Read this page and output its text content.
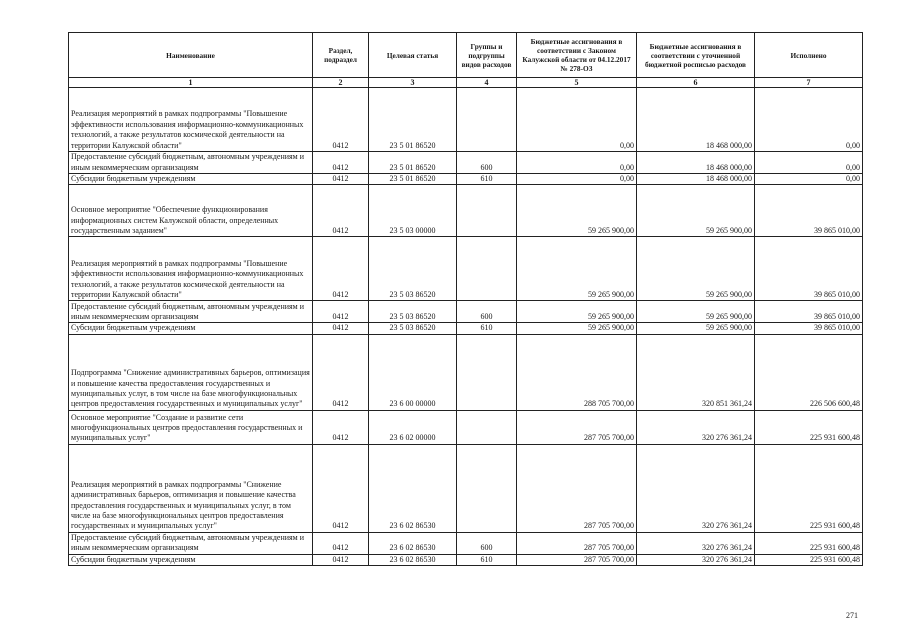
Наименование	Раздел, подраздел	Целевая статья	Группы и подгруппы видов расходов	Бюджетные ассигнования в соответствии с Законом Калужской области от 04.12.2017 № 278-ОЗ	Бюджетные ассигнования в соответствии с уточненной бюджетной росписью расходов	Исполнено
1	2	3	4	5	6	7
Реализация мероприятий в рамках подпрограммы "Повышение эффективности использования информационно-коммуникационных технологий, а также результатов космической деятельности на территории Калужской области"	0412	23 5 01 86520		0,00	18 468 000,00	0,00
Предоставление субсидий бюджетным, автономным учреждениям и иным некоммерческим организациям	0412	23 5 01 86520	600	0,00	18 468 000,00	0,00
Субсидии бюджетным учреждениям	0412	23 5 01 86520	610	0,00	18 468 000,00	0,00
Основное мероприятие "Обеспечение функционирования информационных систем Калужской области, определенных государственным заданием"	0412	23 5 03 00000		59 265 900,00	59 265 900,00	39 865 010,00
Реализация мероприятий в рамках подпрограммы "Повышение эффективности использования информационно-коммуникационных технологий, а также результатов космической деятельности на территории Калужской области"	0412	23 5 03 86520		59 265 900,00	59 265 900,00	39 865 010,00
Предоставление субсидий бюджетным, автономным учреждениям и иным некоммерческим организациям	0412	23 5 03 86520	600	59 265 900,00	59 265 900,00	39 865 010,00
Субсидии бюджетным учреждениям	0412	23 5 03 86520	610	59 265 900,00	59 265 900,00	39 865 010,00
Подпрограмма "Снижение административных барьеров, оптимизация и повышение качества предоставления государственных и муниципальных услуг, в том числе на базе многофункциональных центров предоставления государственных и муниципальных услуг"	0412	23 6 00 00000		288 705 700,00	320 851 361,24	226 506 600,48
Основное мероприятие "Создание и развитие сети многофункциональных центров предоставления государственных и муниципальных услуг"	0412	23 6 02 00000		287 705 700,00	320 276 361,24	225 931 600,48
Реализация мероприятий в рамках подпрограммы "Снижение административных барьеров, оптимизация и повышение качества предоставления государственных и муниципальных услуг, в том числе на базе многофункциональных центров предоставления государственных и муниципальных услуг"	0412	23 6 02 86530		287 705 700,00	320 276 361,24	225 931 600,48
Предоставление субсидий бюджетным, автономным учреждениям и иным некоммерческим организациям	0412	23 6 02 86530	600	287 705 700,00	320 276 361,24	225 931 600,48
Субсидии бюджетным учреждениям	0412	23 6 02 86530	610	287 705 700,00	320 276 361,24	225 931 600,48
271
